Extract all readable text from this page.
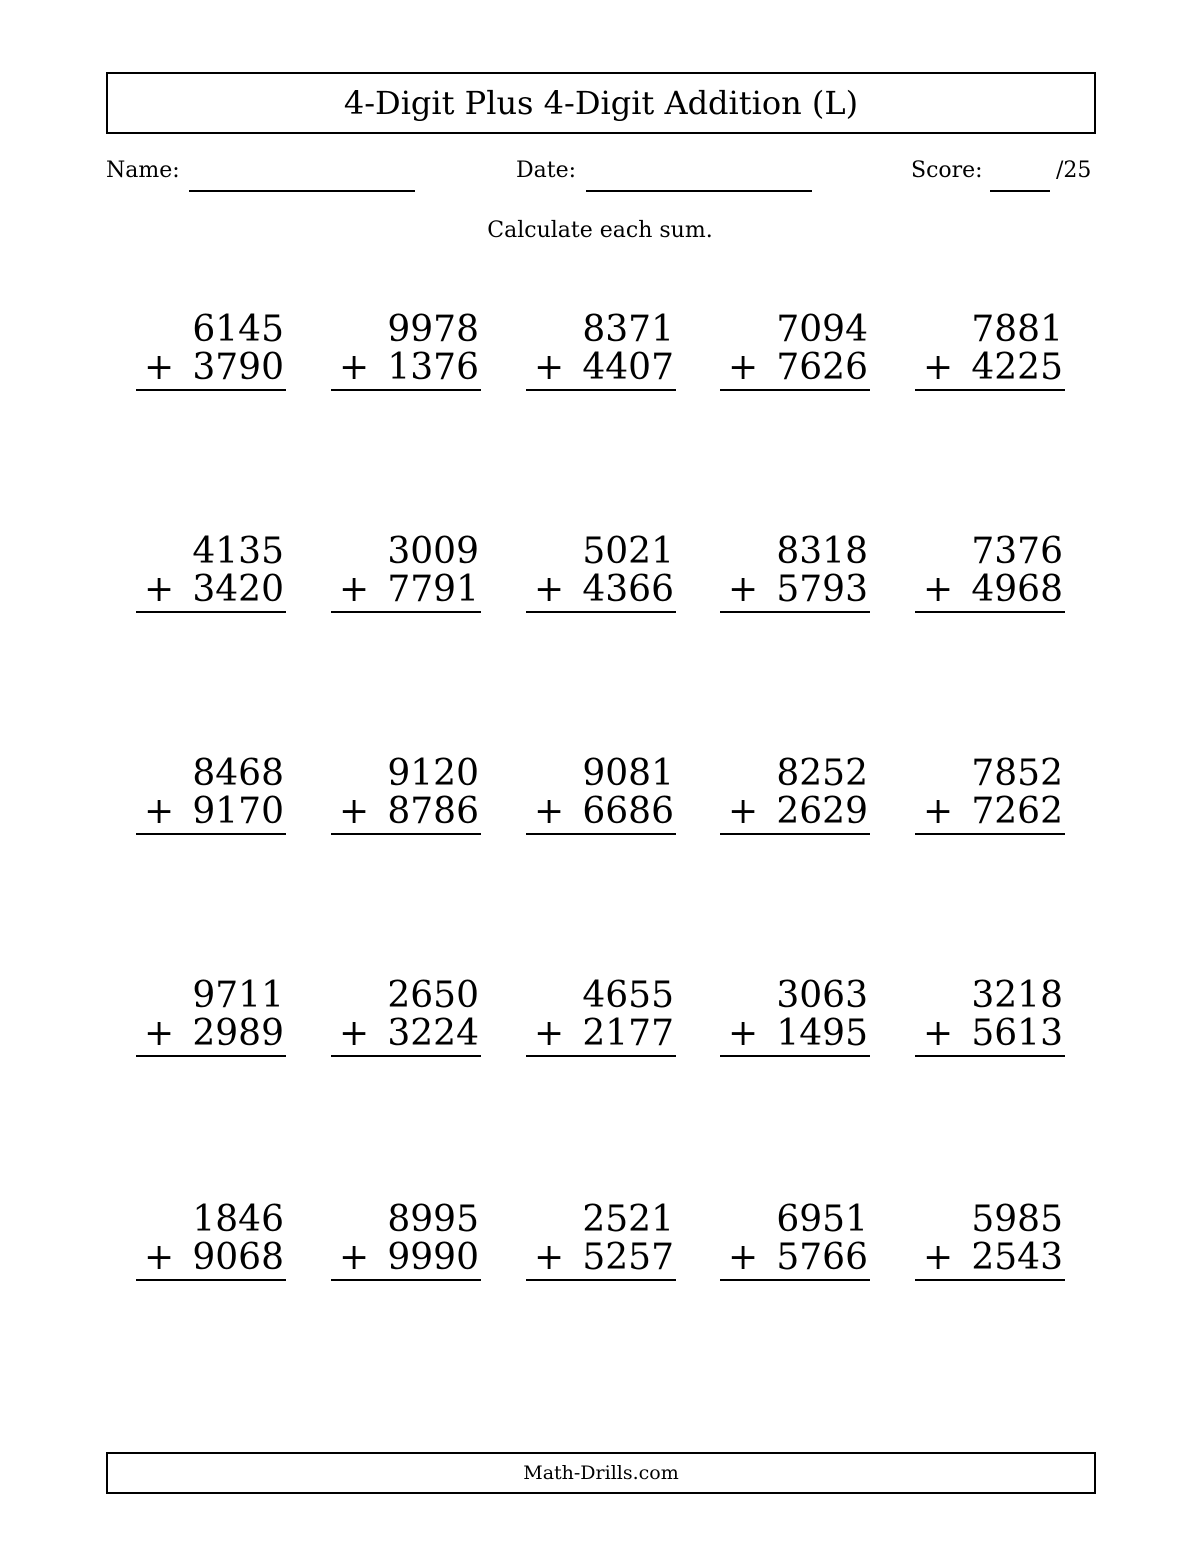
4-Digit Plus 4-Digit Addition (L)
Name:	Date:	Score:	/25
Calculate each sum.
6145
+ 3790
9978
+ 1376
8371
+ 4407
7094
+ 7626
7881
+ 4225
4135
+ 3420
3009
+ 7791
5021
+ 4366
8318
+ 5793
7376
+ 4968
8468
+ 9170
9120
+ 8786
9081
+ 6686
8252
+ 2629
7852
+ 7262
9711
+ 2989
2650
+ 3224
4655
+ 2177
3063
+ 1495
3218
+ 5613
1846
+ 9068
8995
+ 9990
2521
+ 5257
6951
+ 5766
5985
+ 2543
Math-Drills.com
